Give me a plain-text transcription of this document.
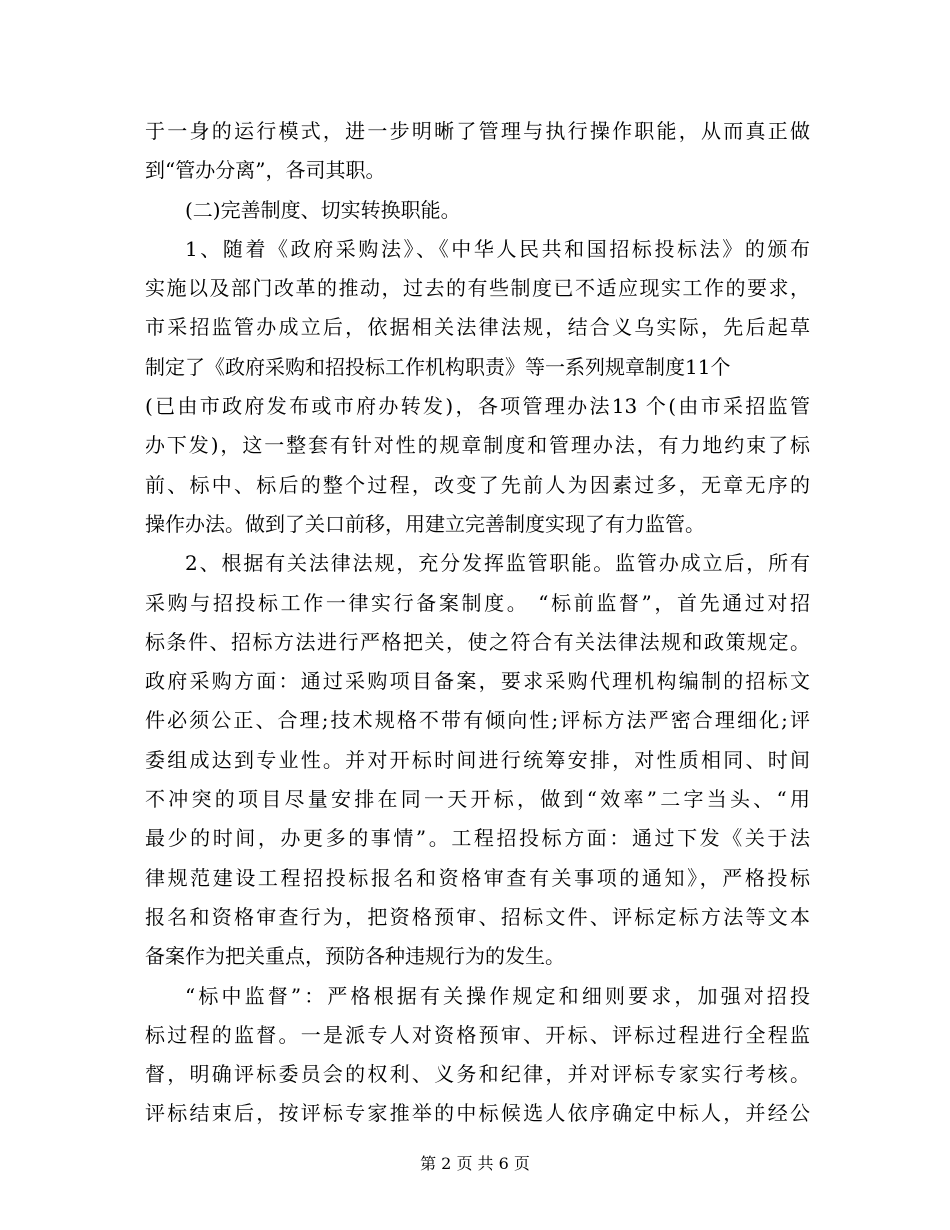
于一身的运行模式，进一步明晰了管理与执行操作职能，从而真正做
到“管办分离”，各司其职。
(二)完善制度、切实转换职能。
1、随着《政府采购法》、《中华人民共和国招标投标法》的颁布
实施以及部门改革的推动，过去的有些制度已不适应现实工作的要求，
市采招监管办成立后，依据相关法律法规，结合义乌实际，先后起草
制定了《政府采购和招投标工作机构职责》等一系列规章制度11个
(已由市政府发布或市府办转发)，各项管理办法13 个(由市采招监管
办下发)，这一整套有针对性的规章制度和管理办法，有力地约束了标
前、标中、标后的整个过程，改变了先前人为因素过多，无章无序的
操作办法。做到了关口前移，用建立完善制度实现了有力监管。
2、根据有关法律法规，充分发挥监管职能。监管办成立后，所有
采购与招投标工作一律实行备案制度。 “标前监督”，首先通过对招
标条件、招标方法进行严格把关，使之符合有关法律法规和政策规定。
政府采购方面：通过采购项目备案，要求采购代理机构编制的招标文
件必须公正、合理;技术规格不带有倾向性;评标方法严密合理细化;评
委组成达到专业性。并对开标时间进行统筹安排，对性质相同、时间
不冲突的项目尽量安排在同一天开标，做到“效率”二字当头、“用
最少的时间，办更多的事情”。工程招投标方面：通过下发《关于法
律规范建设工程招投标报名和资格审查有关事项的通知》，严格投标
报名和资格审查行为，把资格预审、招标文件、评标定标方法等文本
备案作为把关重点，预防各种违规行为的发生。
“标中监督”：严格根据有关操作规定和细则要求，加强对招投
标过程的监督。一是派专人对资格预审、开标、评标过程进行全程监
督，明确评标委员会的权利、义务和纪律，并对评标专家实行考核。
评标结束后，按评标专家推举的中标候选人依序确定中标人，并经公
第 2 页 共 6 页
